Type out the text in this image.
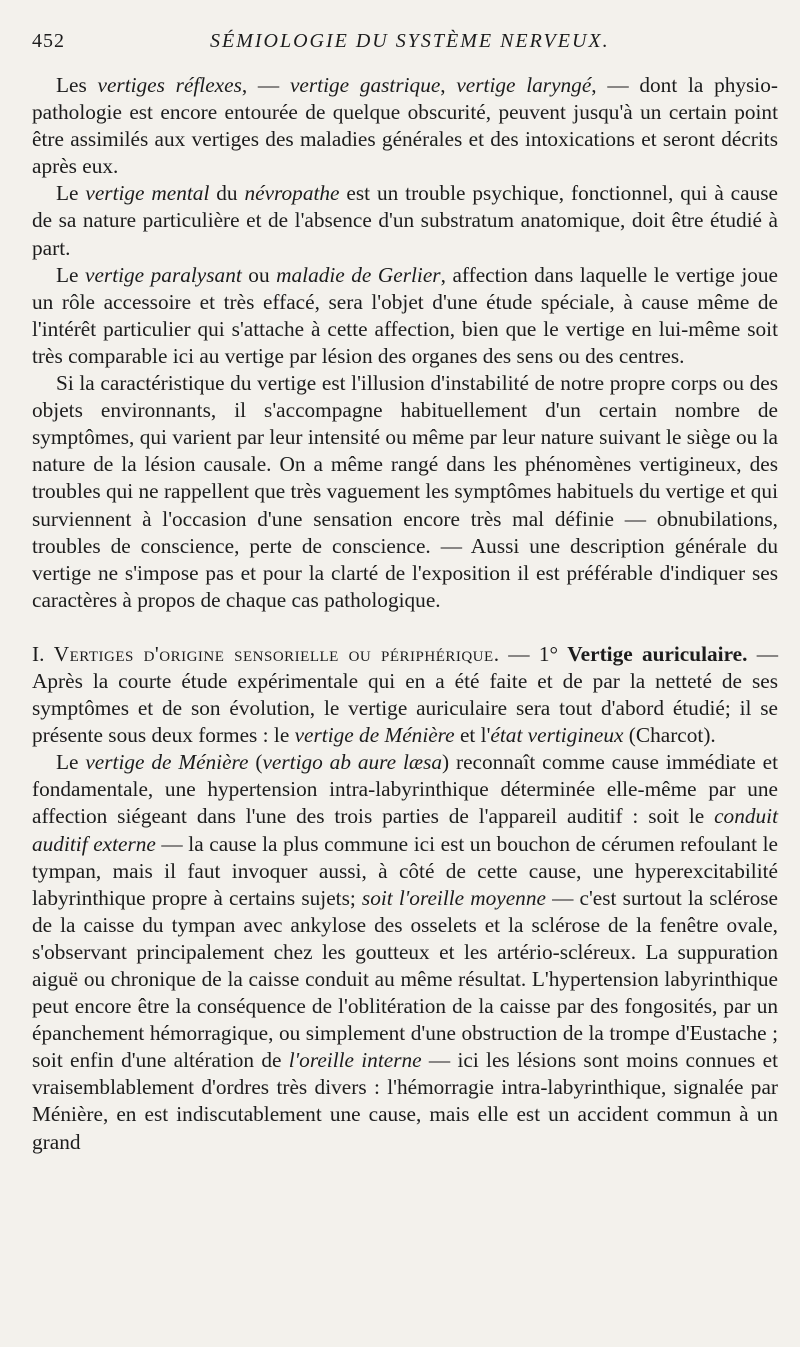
452	SÉMIOLOGIE DU SYSTÈME NERVEUX.

Les vertiges réflexes, — vertige gastrique, vertige laryngé, — dont la physio-pathologie est encore entourée de quelque obscurité, peuvent jusqu'à un certain point être assimilés aux vertiges des maladies générales et des intoxications et seront décrits après eux.

Le vertige mental du névropathe est un trouble psychique, fonctionnel, qui à cause de sa nature particulière et de l'absence d'un substratum anatomique, doit être étudié à part.

Le vertige paralysant ou maladie de Gerlier, affection dans laquelle le vertige joue un rôle accessoire et très effacé, sera l'objet d'une étude spéciale, à cause même de l'intérêt particulier qui s'attache à cette affection, bien que le vertige en lui-même soit très comparable ici au vertige par lésion des organes des sens ou des centres.

Si la caractéristique du vertige est l'illusion d'instabilité de notre propre corps ou des objets environnants, il s'accompagne habituellement d'un certain nombre de symptômes, qui varient par leur intensité ou même par leur nature suivant le siège ou la nature de la lésion causale. On a même rangé dans les phénomènes vertigineux, des troubles qui ne rappellent que très vaguement les symptômes habituels du vertige et qui surviennent à l'occasion d'une sensation encore très mal définie — obnubilations, troubles de conscience, perte de conscience. — Aussi une description générale du vertige ne s'impose pas et pour la clarté de l'exposition il est préférable d'indiquer ses caractères à propos de chaque cas pathologique.

I. Vertiges d'origine sensorielle ou périphérique. — 1° Vertige auriculaire. — Après la courte étude expérimentale qui en a été faite et de par la netteté de ses symptômes et de son évolution, le vertige auriculaire sera tout d'abord étudié; il se présente sous deux formes : le vertige de Ménière et l'état vertigineux (Charcot).

Le vertige de Ménière (vertigo ab aure læsa) reconnaît comme cause immédiate et fondamentale, une hypertension intra-labyrinthique déterminée elle-même par une affection siégeant dans l'une des trois parties de l'appareil auditif : soit le conduit auditif externe — la cause la plus commune ici est un bouchon de cérumen refoulant le tympan, mais il faut invoquer aussi, à côté de cette cause, une hyperexcitabilité labyrinthique propre à certains sujets; soit l'oreille moyenne — c'est surtout la sclérose de la caisse du tympan avec ankylose des osselets et la sclérose de la fenêtre ovale, s'observant principalement chez les goutteux et les artério-scléreux. La suppuration aiguë ou chronique de la caisse conduit au même résultat. L'hypertension labyrinthique peut encore être la conséquence de l'oblitération de la caisse par des fongosités, par un épanchement hémorragique, ou simplement d'une obstruction de la trompe d'Eustache ; soit enfin d'une altération de l'oreille interne — ici les lésions sont moins connues et vraisemblablement d'ordres très divers : l'hémorragie intra-labyrinthique, signalée par Ménière, en est indiscutablement une cause, mais elle est un accident commun à un grand
